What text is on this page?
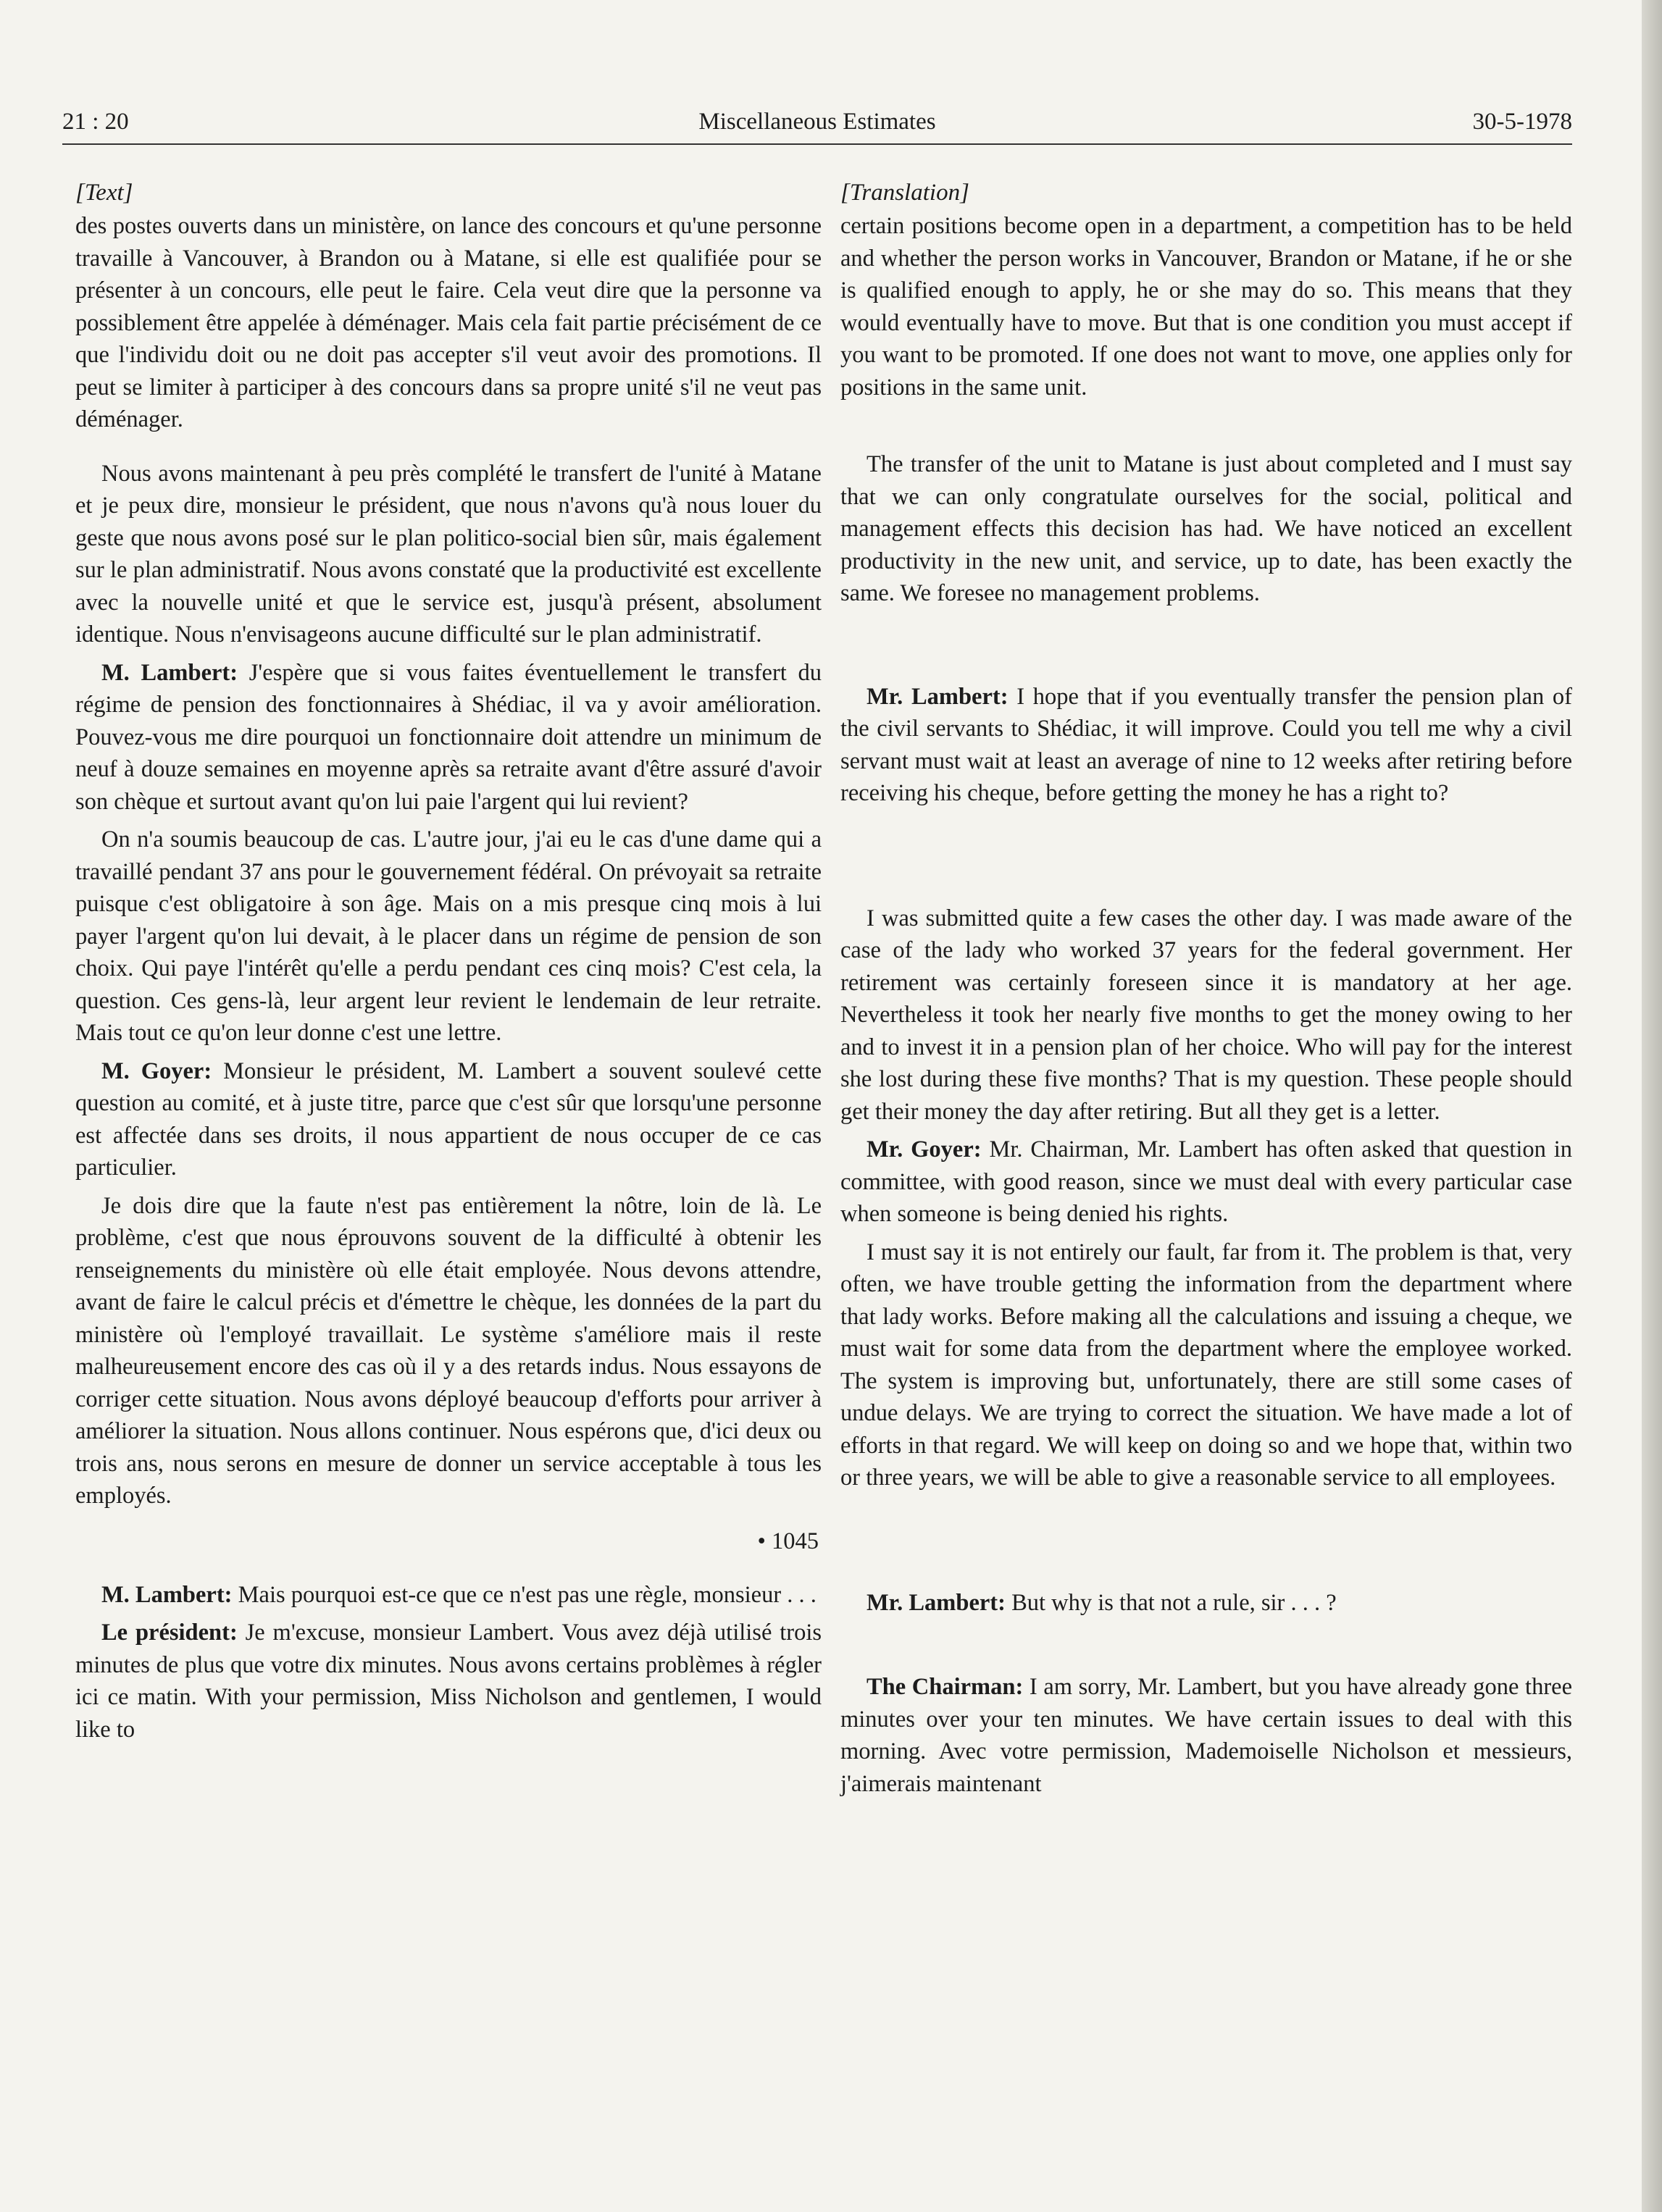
21 : 20	Miscellaneous Estimates	30-5-1978
[Text]

des postes ouverts dans un ministère, on lance des concours et qu'une personne travaille à Vancouver, à Brandon ou à Matane, si elle est qualifiée pour se présenter à un concours, elle peut le faire. Cela veut dire que la personne va possiblement être appelée à déménager. Mais cela fait partie précisément de ce que l'individu doit ou ne doit pas accepter s'il veut avoir des promotions. Il peut se limiter à participer à des concours dans sa propre unité s'il ne veut pas déménager.

Nous avons maintenant à peu près complété le transfert de l'unité à Matane et je peux dire, monsieur le président, que nous n'avons qu'à nous louer du geste que nous avons posé sur le plan politico-social bien sûr, mais également sur le plan administratif. Nous avons constaté que la productivité est excellente avec la nouvelle unité et que le service est, jusqu'à présent, absolument identique. Nous n'envisageons aucune difficulté sur le plan administratif.

M. Lambert: J'espère que si vous faites éventuellement le transfert du régime de pension des fonctionnaires à Shédiac, il va y avoir amélioration. Pouvez-vous me dire pourquoi un fonctionnaire doit attendre un minimum de neuf à douze semaines en moyenne après sa retraite avant d'être assuré d'avoir son chèque et surtout avant qu'on lui paie l'argent qui lui revient?

On n'a soumis beaucoup de cas. L'autre jour, j'ai eu le cas d'une dame qui a travaillé pendant 37 ans pour le gouvernement fédéral. On prévoyait sa retraite puisque c'est obligatoire à son âge. Mais on a mis presque cinq mois à lui payer l'argent qu'on lui devait, à le placer dans un régime de pension de son choix. Qui paye l'intérêt qu'elle a perdu pendant ces cinq mois? C'est cela, la question. Ces gens-là, leur argent leur revient le lendemain de leur retraite. Mais tout ce qu'on leur donne c'est une lettre.

M. Goyer: Monsieur le président, M. Lambert a souvent soulevé cette question au comité, et à juste titre, parce que c'est sûr que lorsqu'une personne est affectée dans ses droits, il nous appartient de nous occuper de ce cas particulier.

Je dois dire que la faute n'est pas entièrement la nôtre, loin de là. Le problème, c'est que nous éprouvons souvent de la difficulté à obtenir les renseignements du ministère où elle était employée. Nous devons attendre, avant de faire le calcul précis et d'émettre le chèque, les données de la part du ministère où l'employé travaillait. Le système s'améliore mais il reste malheureusement encore des cas où il y a des retards indus. Nous essayons de corriger cette situation. Nous avons déployé beaucoup d'efforts pour arriver à améliorer la situation. Nous allons continuer. Nous espérons que, d'ici deux ou trois ans, nous serons en mesure de donner un service acceptable à tous les employés.

• 1045

M. Lambert: Mais pourquoi est-ce que ce n'est pas une règle, monsieur . . .

Le président: Je m'excuse, monsieur Lambert. Vous avez déjà utilisé trois minutes de plus que votre dix minutes. Nous avons certains problèmes à régler ici ce matin. With your permission, Miss Nicholson and gentlemen, I would like to

[Translation]

certain positions become open in a department, a competition has to be held and whether the person works in Vancouver, Brandon or Matane, if he or she is qualified enough to apply, he or she may do so. This means that they would eventually have to move. But that is one condition you must accept if you want to be promoted. If one does not want to move, one applies only for positions in the same unit.

The transfer of the unit to Matane is just about completed and I must say that we can only congratulate ourselves for the social, political and management effects this decision has had. We have noticed an excellent productivity in the new unit, and service, up to date, has been exactly the same. We foresee no management problems.

Mr. Lambert: I hope that if you eventually transfer the pension plan of the civil servants to Shédiac, it will improve. Could you tell me why a civil servant must wait at least an average of nine to 12 weeks after retiring before receiving his cheque, before getting the money he has a right to?

I was submitted quite a few cases the other day. I was made aware of the case of the lady who worked 37 years for the federal government. Her retirement was certainly foreseen since it is mandatory at her age. Nevertheless it took her nearly five months to get the money owing to her and to invest it in a pension plan of her choice. Who will pay for the interest she lost during these five months? That is my question. These people should get their money the day after retiring. But all they get is a letter.

Mr. Goyer: Mr. Chairman, Mr. Lambert has often asked that question in committee, with good reason, since we must deal with every particular case when someone is being denied his rights.

I must say it is not entirely our fault, far from it. The problem is that, very often, we have trouble getting the information from the department where that lady works. Before making all the calculations and issuing a cheque, we must wait for some data from the department where the employee worked. The system is improving but, unfortunately, there are still some cases of undue delays. We are trying to correct the situation. We have made a lot of efforts in that regard. We will keep on doing so and we hope that, within two or three years, we will be able to give a reasonable service to all employees.

Mr. Lambert: But why is that not a rule, sir . . . ?

The Chairman: I am sorry, Mr. Lambert, but you have already gone three minutes over your ten minutes. We have certain issues to deal with this morning. Avec votre permission, Mademoiselle Nicholson et messieurs, j'aimerais maintenant
